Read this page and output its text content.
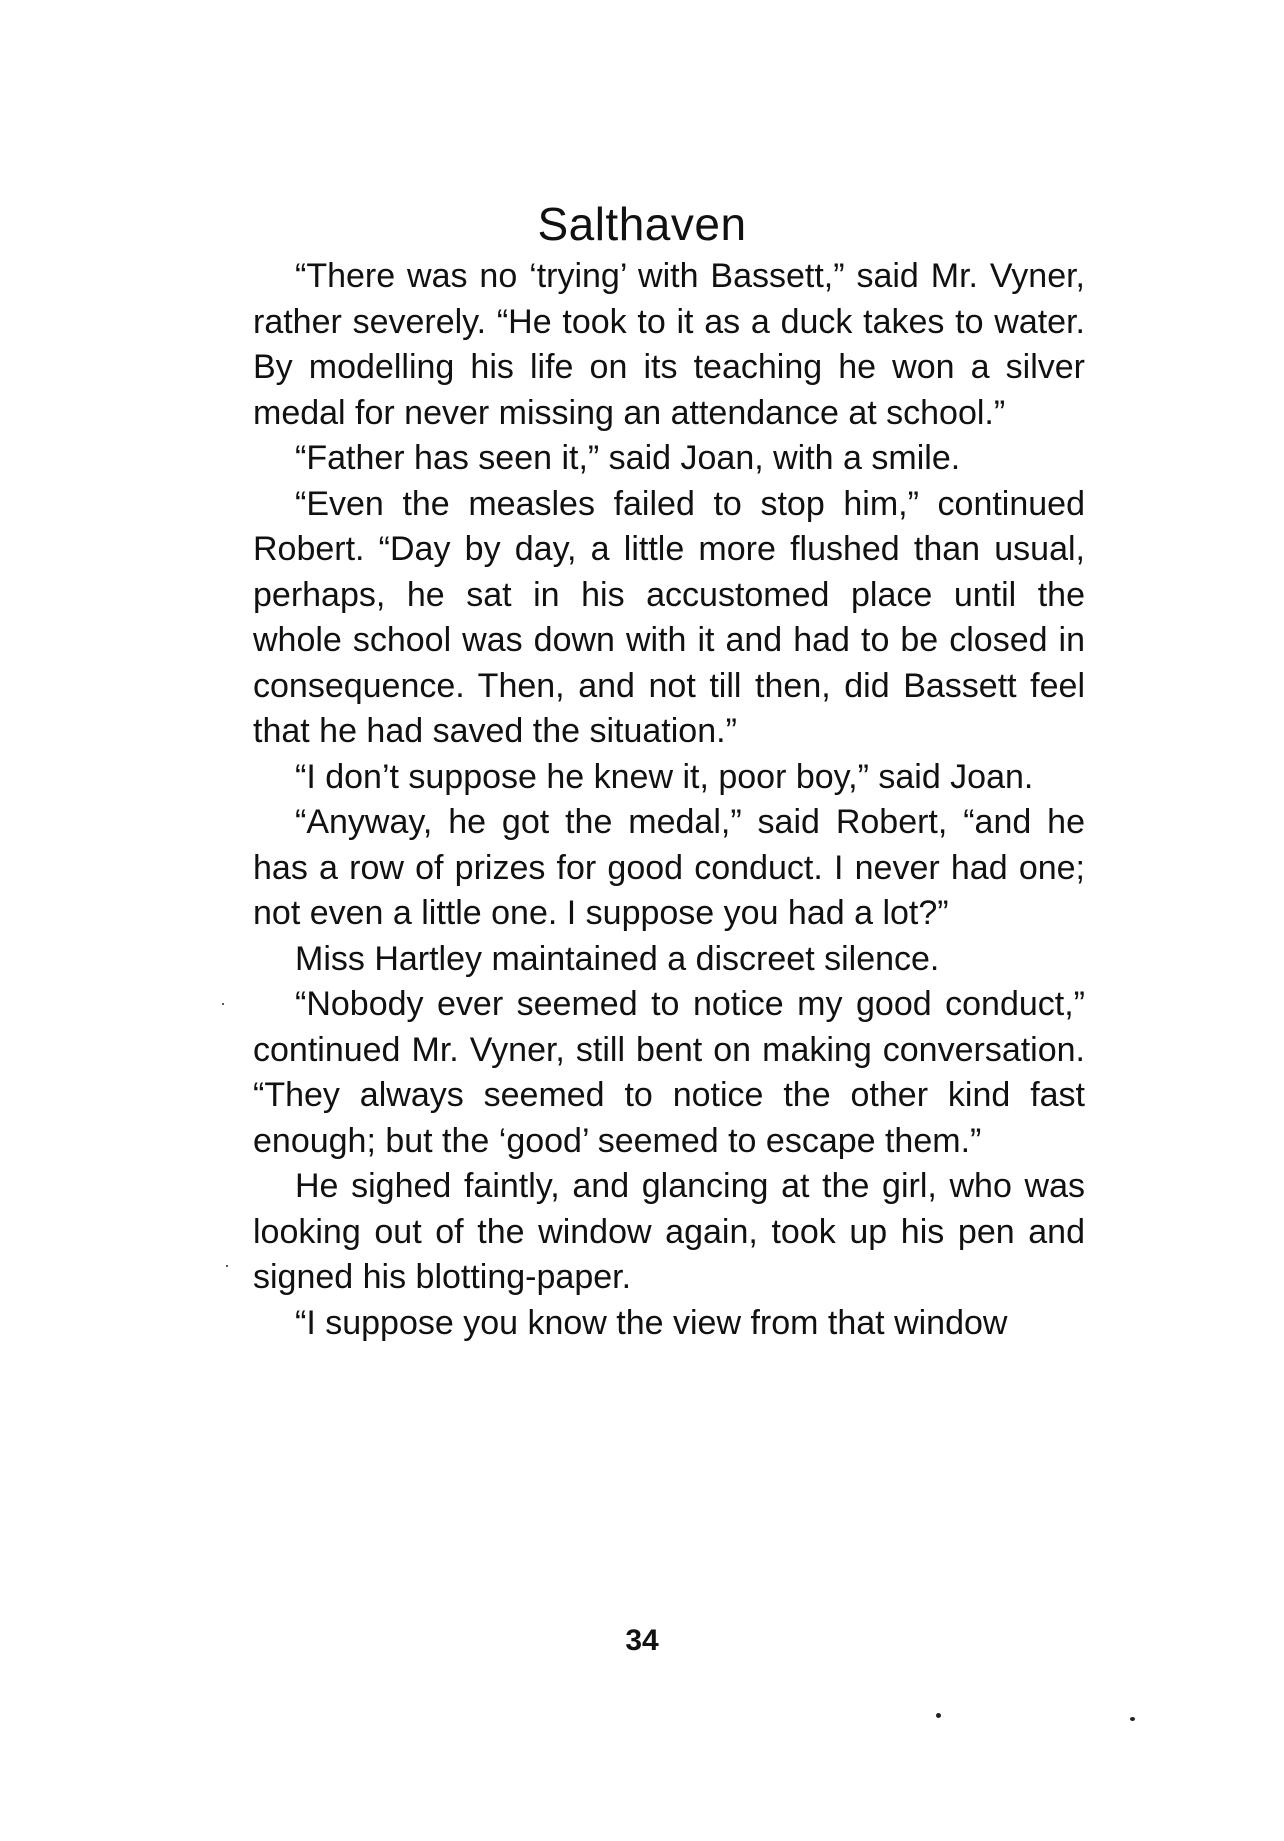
Salthaven

“There was no ‘trying’ with Bassett,” said Mr. Vyner, rather severely. “He took to it as a duck takes to water. By modelling his life on its teaching he won a silver medal for never missing an attendance at school.”

“Father has seen it,” said Joan, with a smile.

“Even the measles failed to stop him,” continued Robert. “Day by day, a little more flushed than usual, perhaps, he sat in his accustomed place until the whole school was down with it and had to be closed in consequence. Then, and not till then, did Bassett feel that he had saved the situation.”

“I don’t suppose he knew it, poor boy,” said Joan.

“Anyway, he got the medal,” said Robert, “and he has a row of prizes for good conduct. I never had one; not even a little one. I suppose you had a lot?”

Miss Hartley maintained a discreet silence.

“Nobody ever seemed to notice my good conduct,” continued Mr. Vyner, still bent on making conversation. “They always seemed to notice the other kind fast enough; but the ‘good’ seemed to escape them.”

He sighed faintly, and glancing at the girl, who was looking out of the window again, took up his pen and signed his blotting-paper.

“I suppose you know the view from that window

34
